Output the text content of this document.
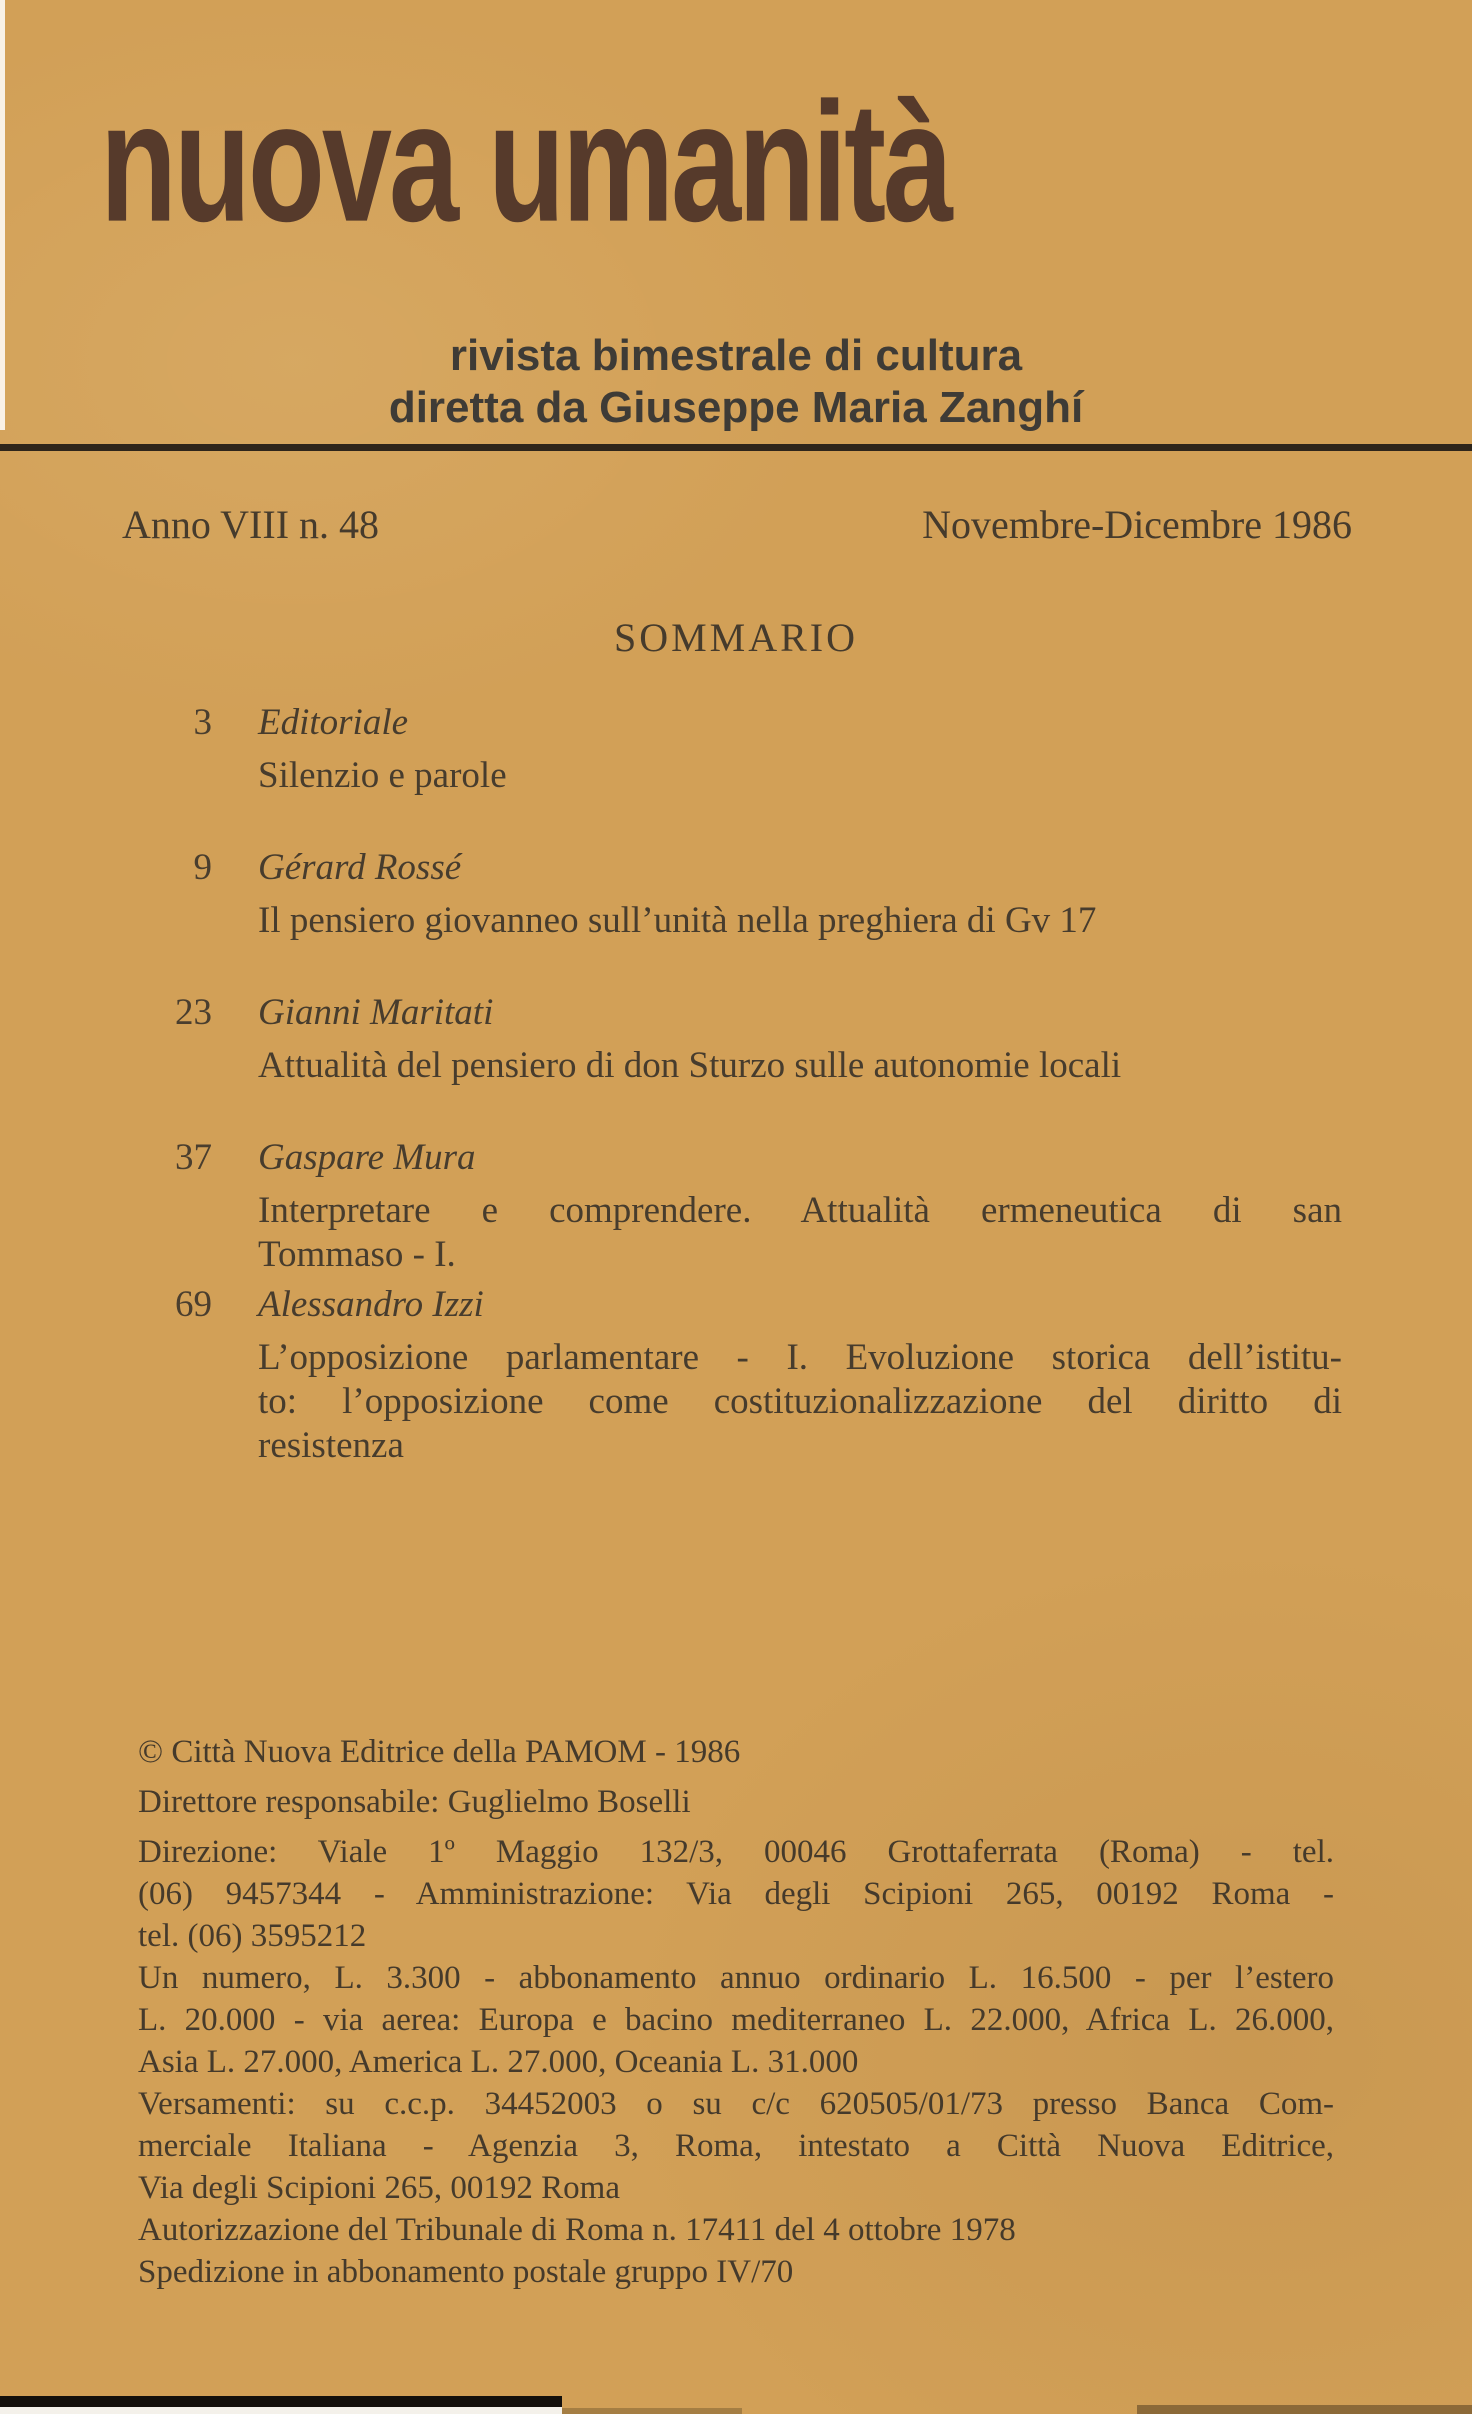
nuova umanità
rivista bimestrale di cultura
diretta da Giuseppe Maria Zanghí
Anno VIII n. 48	Novembre-Dicembre 1986
SOMMARIO
3 Editoriale
Silenzio e parole
9 Gérard Rossé
Il pensiero giovanneo sull’unità nella preghiera di Gv 17
23 Gianni Maritati
Attualità del pensiero di don Sturzo sulle autonomie locali
37 Gaspare Mura
Interpretare e comprendere. Attualità ermeneutica di san
Tommaso - I.
69 Alessandro Izzi
L’opposizione parlamentare - I. Evoluzione storica dell’istitu-
to: l’opposizione come costituzionalizzazione del diritto di
resistenza
© Città Nuova Editrice della PAMOM - 1986
Direttore responsabile: Guglielmo Boselli
Direzione: Viale 1º Maggio 132/3, 00046 Grottaferrata (Roma) - tel.
(06) 9457344 - Amministrazione: Via degli Scipioni 265, 00192 Roma -
tel. (06) 3595212
Un numero, L. 3.300 - abbonamento annuo ordinario L. 16.500 - per l’estero
L. 20.000 - via aerea: Europa e bacino mediterraneo L. 22.000, Africa L. 26.000,
Asia L. 27.000, America L. 27.000, Oceania L. 31.000
Versamenti: su c.c.p. 34452003 o su c/c 620505/01/73 presso Banca Com-
merciale Italiana - Agenzia 3, Roma, intestato a Città Nuova Editrice,
Via degli Scipioni 265, 00192 Roma
Autorizzazione del Tribunale di Roma n. 17411 del 4 ottobre 1978
Spedizione in abbonamento postale gruppo IV/70
